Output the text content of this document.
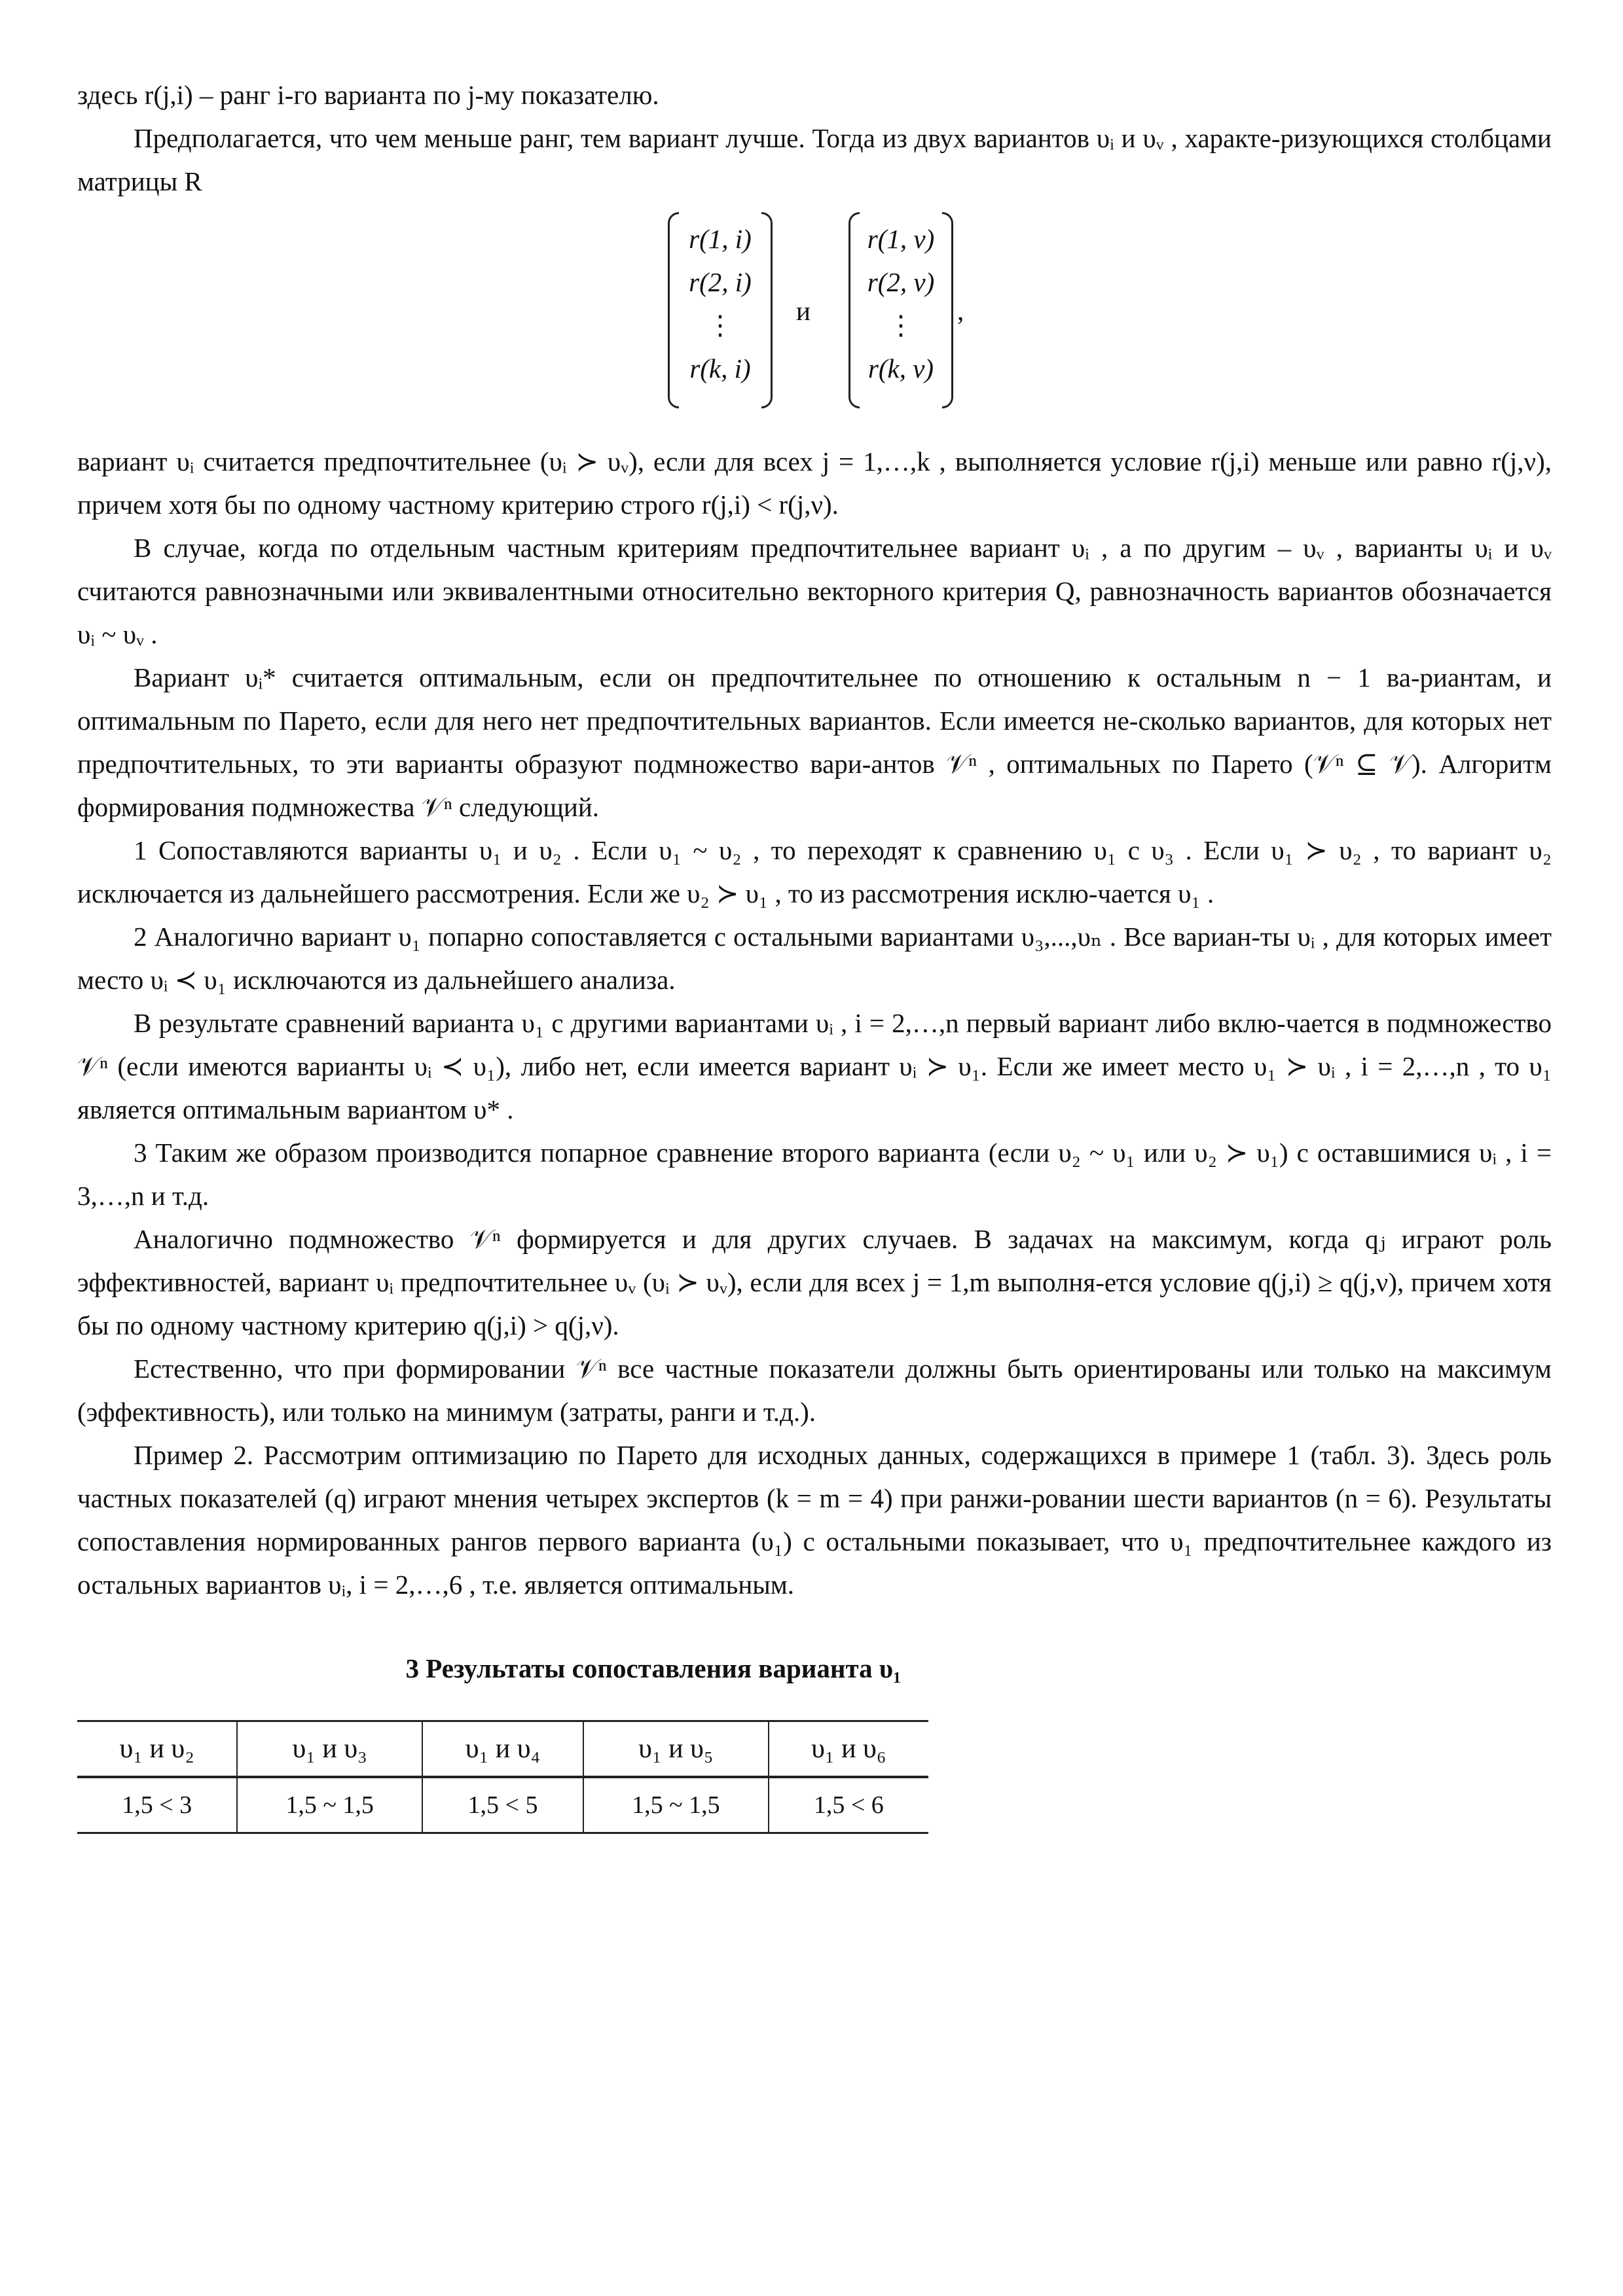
здесь r(j,i) – ранг i-го варианта по j-му показателю.

Предполагается, что чем меньше ранг, тем вариант лучше. Тогда из двух вариантов υᵢ и υᵥ , характе-ризующихся столбцами матрицы R

r(1, i)
r(2, i)
⋮
r(k, i)
и
r(1, ν)
r(2, ν)
⋮
r(k, ν)
,

вариант υᵢ считается предпочтительнее (υᵢ ≻ υᵥ), если для всех j = 1,…,k , выполняется условие r(j,i) меньше или равно r(j,ν), причем хотя бы по одному частному критерию строго r(j,i) < r(j,ν).

В случае, когда по отдельным частным критериям предпочтительнее вариант υᵢ , а по другим – υᵥ , варианты υᵢ и υᵥ считаются равнозначными или эквивалентными относительно векторного критерия Q, равнозначность вариантов обозначается υᵢ ~ υᵥ .

Вариант υᵢ* считается оптимальным, если он предпочтительнее по отношению к остальным n − 1 ва-риантам, и оптимальным по Парето, если для него нет предпочтительных вариантов. Если имеется не-сколько вариантов, для которых нет предпочтительных, то эти варианты образуют подмножество вари-антов 𝒱ⁿ , оптимальных по Парето (𝒱ⁿ ⊆ 𝒱). Алгоритм формирования подмножества 𝒱ⁿ следующий.

1 Сопоставляются варианты υ₁ и υ₂ . Если υ₁ ~ υ₂ , то переходят к сравнению υ₁ с υ₃ . Если υ₁ ≻ υ₂ , то вариант υ₂ исключается из дальнейшего рассмотрения. Если же υ₂ ≻ υ₁ , то из рассмотрения исклю-чается υ₁ .

2 Аналогично вариант υ₁ попарно сопоставляется с остальными вариантами υ₃,...,υₙ . Все вариан-ты υᵢ , для которых имеет место υᵢ ≺ υ₁ исключаются из дальнейшего анализа.

В результате сравнений варианта υ₁ с другими вариантами υᵢ , i = 2,…,n первый вариант либо вклю-чается в подмножество 𝒱ⁿ (если имеются варианты υᵢ ≺ υ₁), либо нет, если имеется вариант υᵢ ≻ υ₁. Если же имеет место υ₁ ≻ υᵢ , i = 2,…,n , то υ₁ является оптимальным вариантом υ* .

3 Таким же образом производится попарное сравнение второго варианта (если υ₂ ~ υ₁ или υ₂ ≻ υ₁) с оставшимися υᵢ , i = 3,…,n и т.д.

Аналогично подмножество 𝒱ⁿ формируется и для других случаев. В задачах на максимум, когда qⱼ играют роль эффективностей, вариант υᵢ предпочтительнее υᵥ (υᵢ ≻ υᵥ), если для всех j = 1,m выполня-ется условие q(j,i) ≥ q(j,ν), причем хотя бы по одному частному критерию q(j,i) > q(j,ν).

Естественно, что при формировании 𝒱ⁿ все частные показатели должны быть ориентированы или только на максимум (эффективность), или только на минимум (затраты, ранги и т.д.).

Пример 2. Рассмотрим оптимизацию по Парето для исходных данных, содержащихся в примере 1 (табл. 3). Здесь роль частных показателей (q) играют мнения четырех экспертов (k = m = 4) при ранжи-ровании шести вариантов (n = 6). Результаты сопоставления нормированных рангов первого варианта (υ₁) с остальными показывает, что υ₁ предпочтительнее каждого из остальных вариантов υᵢ, i = 2,…,6 , т.е. является оптимальным.

3 Результаты сопоставления варианта υ₁
υ₁ и υ₂	υ₁ и υ₃	υ₁ и υ₄	υ₁ и υ₅	υ₁ и υ₆
1,5 < 3	1,5 ~ 1,5	1,5 < 5	1,5 ~ 1,5	1,5 < 6
